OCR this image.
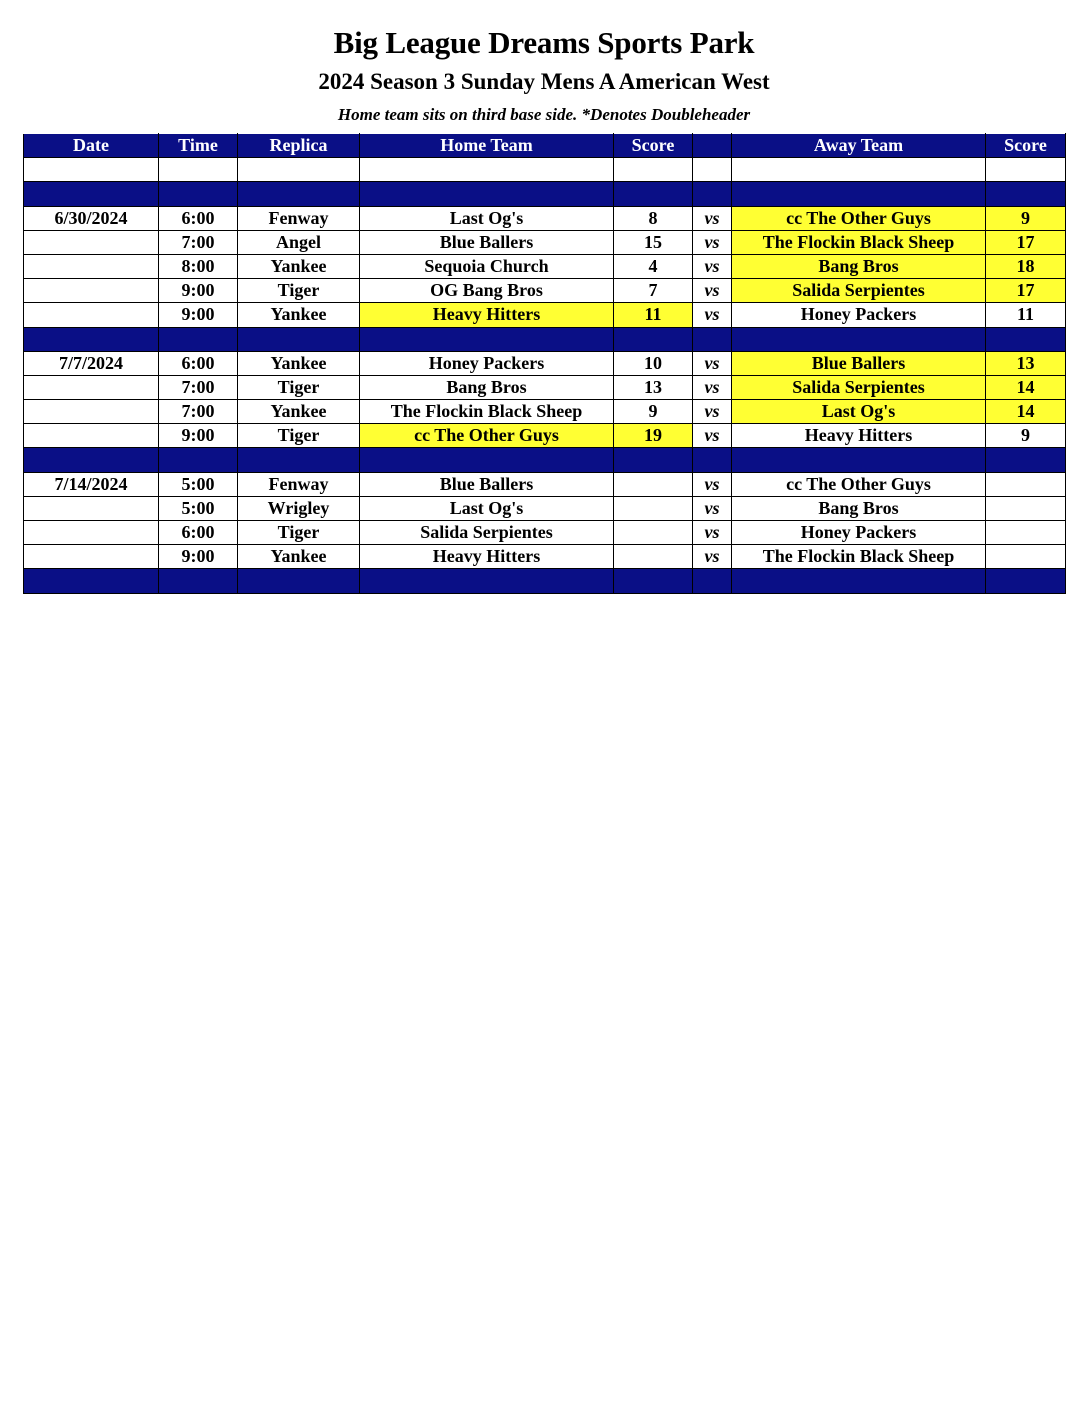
Big League Dreams Sports Park
2024 Season 3 Sunday Mens A American West
Home team sits on third base side. *Denotes Doubleheader
Date	Time	Replica	Home Team	Score		Away Team	Score

6/30/2024	6:00	Fenway	Last Og's	8	vs	cc The Other Guys	9
	7:00	Angel	Blue Ballers	15	vs	The Flockin Black Sheep	17
	8:00	Yankee	Sequoia Church	4	vs	Bang Bros	18
	9:00	Tiger	OG Bang Bros	7	vs	Salida Serpientes	17
	9:00	Yankee	Heavy Hitters	11	vs	Honey Packers	11

7/7/2024	6:00	Yankee	Honey Packers	10	vs	Blue Ballers	13
	7:00	Tiger	Bang Bros	13	vs	Salida Serpientes	14
	7:00	Yankee	The Flockin Black Sheep	9	vs	Last Og's	14
	9:00	Tiger	cc The Other Guys	19	vs	Heavy Hitters	9

7/14/2024	5:00	Fenway	Blue Ballers		vs	cc The Other Guys	
	5:00	Wrigley	Last Og's		vs	Bang Bros	
	6:00	Tiger	Salida Serpientes		vs	Honey Packers	
	9:00	Yankee	Heavy Hitters		vs	The Flockin Black Sheep	
